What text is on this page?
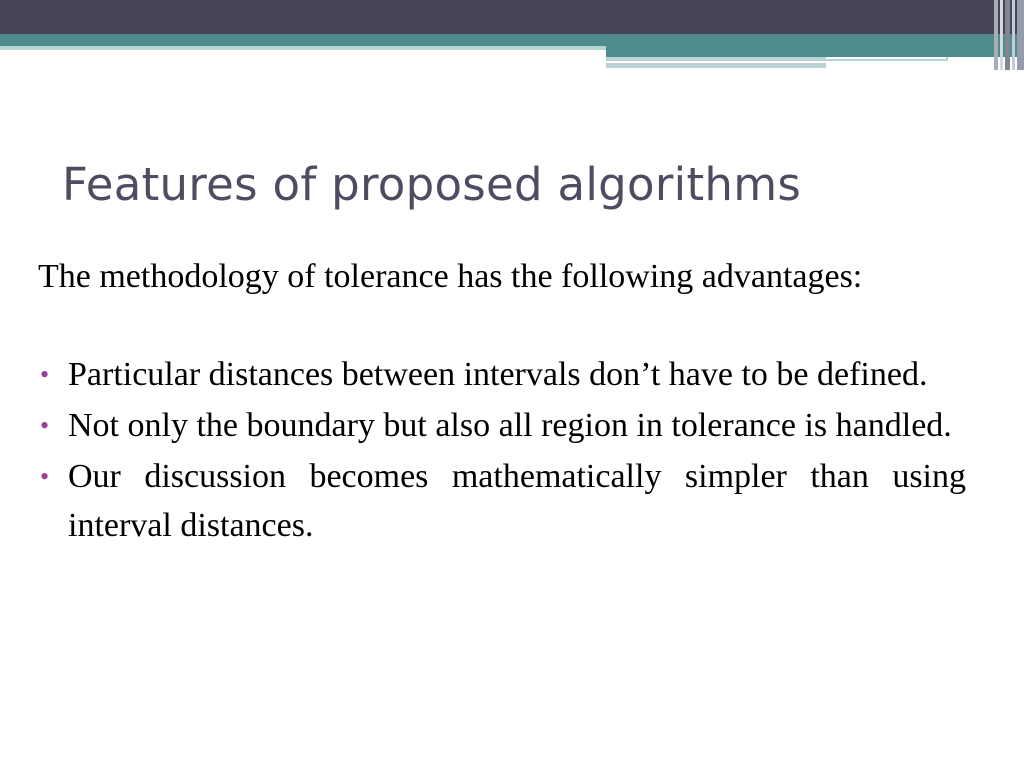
Features of proposed algorithms

The methodology of tolerance has the following advantages:

• Particular distances between intervals don’t have to be defined.
• Not only the boundary but also all region in tolerance is handled.
• Our discussion becomes mathematically simpler than using interval distances.
